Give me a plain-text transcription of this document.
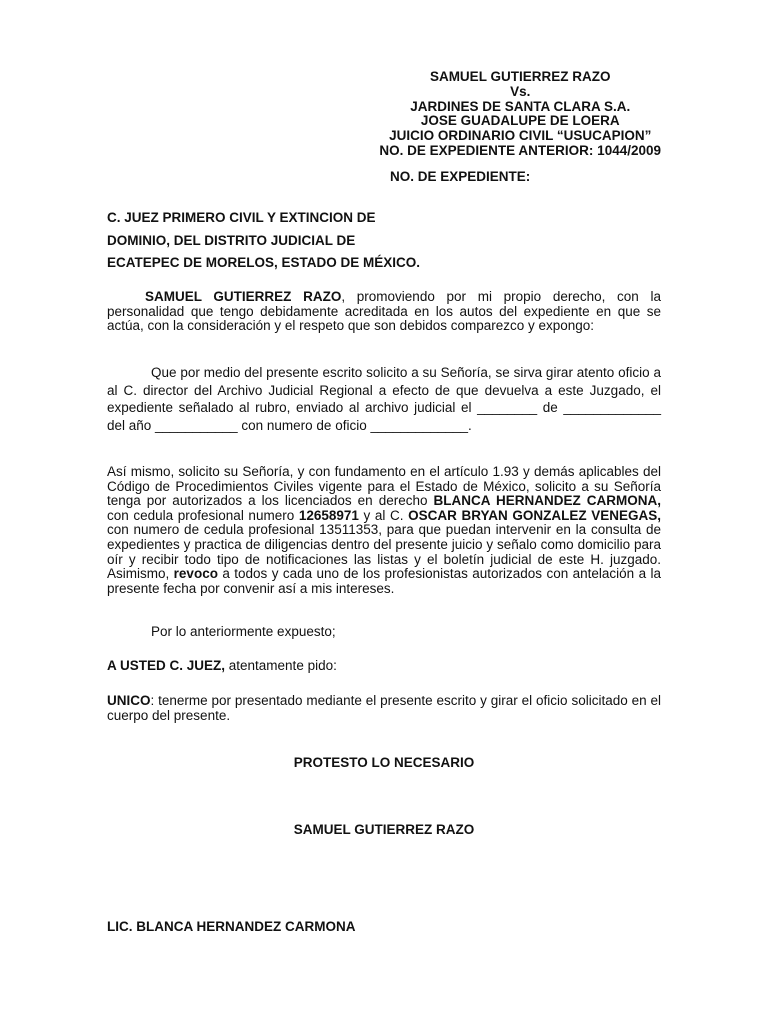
SAMUEL GUTIERREZ RAZO
Vs.
JARDINES DE SANTA CLARA S.A.
JOSE GUADALUPE DE LOERA
JUICIO ORDINARIO CIVIL “USUCAPION”
NO. DE EXPEDIENTE ANTERIOR: 1044/2009
NO. DE EXPEDIENTE:
C. JUEZ PRIMERO CIVIL Y EXTINCION DE
DOMINIO, DEL DISTRITO JUDICIAL DE
ECATEPEC DE MORELOS, ESTADO DE MÉXICO.
SAMUEL GUTIERREZ RAZO, promoviendo por mi propio derecho, con la personalidad que tengo debidamente acreditada en los autos del expediente en que se actúa, con la consideración y el respeto que son debidos comparezco y expongo:
Que por medio del presente escrito solicito a su Señoría, se sirva girar atento oficio a al C. director del Archivo Judicial Regional a efecto de que devuelva a este Juzgado, el expediente señalado al rubro, enviado al archivo judicial el ________ de _____________ del año ___________ con numero de oficio _____________.
Así mismo, solicito su Señoría, y con fundamento en el artículo 1.93 y demás aplicables del Código de Procedimientos Civiles vigente para el Estado de México, solicito a su Señoría tenga por autorizados a los licenciados en derecho BLANCA HERNANDEZ CARMONA, con cedula profesional numero 12658971 y al C. OSCAR BRYAN GONZALEZ VENEGAS, con numero de cedula profesional 13511353, para que puedan intervenir en la consulta de expedientes y practica de diligencias dentro del presente juicio y señalo como domicilio para oír y recibir todo tipo de notificaciones las listas y el boletín judicial de este H. juzgado. Asimismo, revoco a todos y cada uno de los profesionistas autorizados con antelación a la presente fecha por convenir así a mis intereses.
Por lo anteriormente expuesto;
A USTED C. JUEZ, atentamente pido:
UNICO: tenerme por presentado mediante el presente escrito y girar el oficio solicitado en el cuerpo del presente.
PROTESTO LO NECESARIO
SAMUEL GUTIERREZ RAZO
LIC. BLANCA HERNANDEZ CARMONA
